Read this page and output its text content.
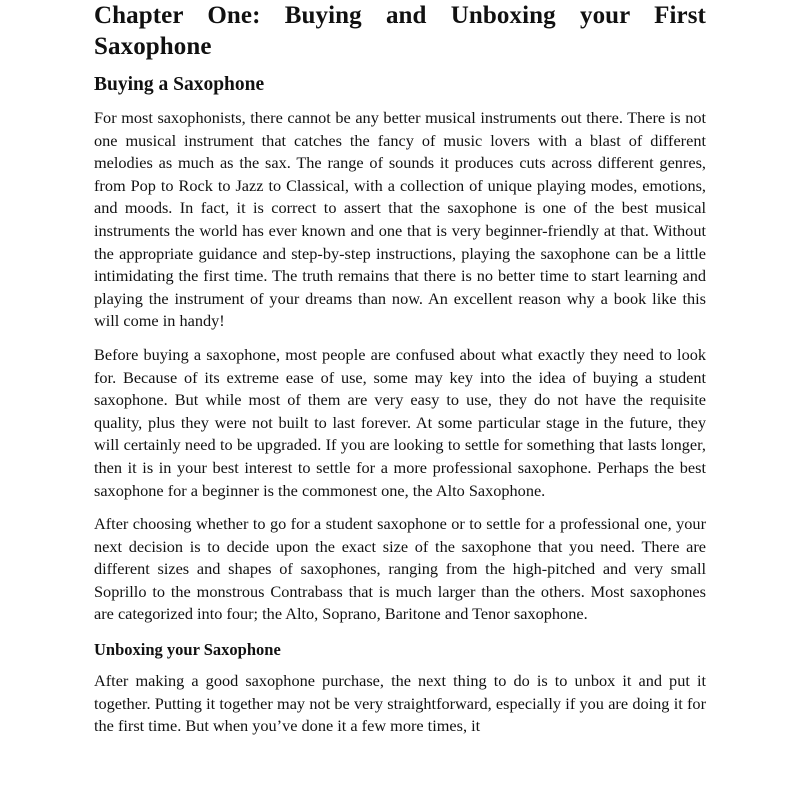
Chapter One: Buying and Unboxing your First Saxophone
Buying a Saxophone

For most saxophonists, there cannot be any better musical instruments out there. There is not one musical instrument that catches the fancy of music lovers with a blast of different melodies as much as the sax. The range of sounds it produces cuts across different genres, from Pop to Rock to Jazz to Classical, with a collection of unique playing modes, emotions, and moods. In fact, it is correct to assert that the saxophone is one of the best musical instruments the world has ever known and one that is very beginner-friendly at that. Without the appropriate guidance and step-by-step instructions, playing the saxophone can be a little intimidating the first time. The truth remains that there is no better time to start learning and playing the instrument of your dreams than now. An excellent reason why a book like this will come in handy!

Before buying a saxophone, most people are confused about what exactly they need to look for. Because of its extreme ease of use, some may key into the idea of buying a student saxophone. But while most of them are very easy to use, they do not have the requisite quality, plus they were not built to last forever. At some particular stage in the future, they will certainly need to be upgraded. If you are looking to settle for something that lasts longer, then it is in your best interest to settle for a more professional saxophone. Perhaps the best saxophone for a beginner is the commonest one, the Alto Saxophone.

After choosing whether to go for a student saxophone or to settle for a professional one, your next decision is to decide upon the exact size of the saxophone that you need. There are different sizes and shapes of saxophones, ranging from the high-pitched and very small Soprillo to the monstrous Contrabass that is much larger than the others. Most saxophones are categorized into four; the Alto, Soprano, Baritone and Tenor saxophone.

Unboxing your Saxophone

After making a good saxophone purchase, the next thing to do is to unbox it and put it together. Putting it together may not be very straightforward, especially if you are doing it for the first time. But when you’ve done it a few more times, it
